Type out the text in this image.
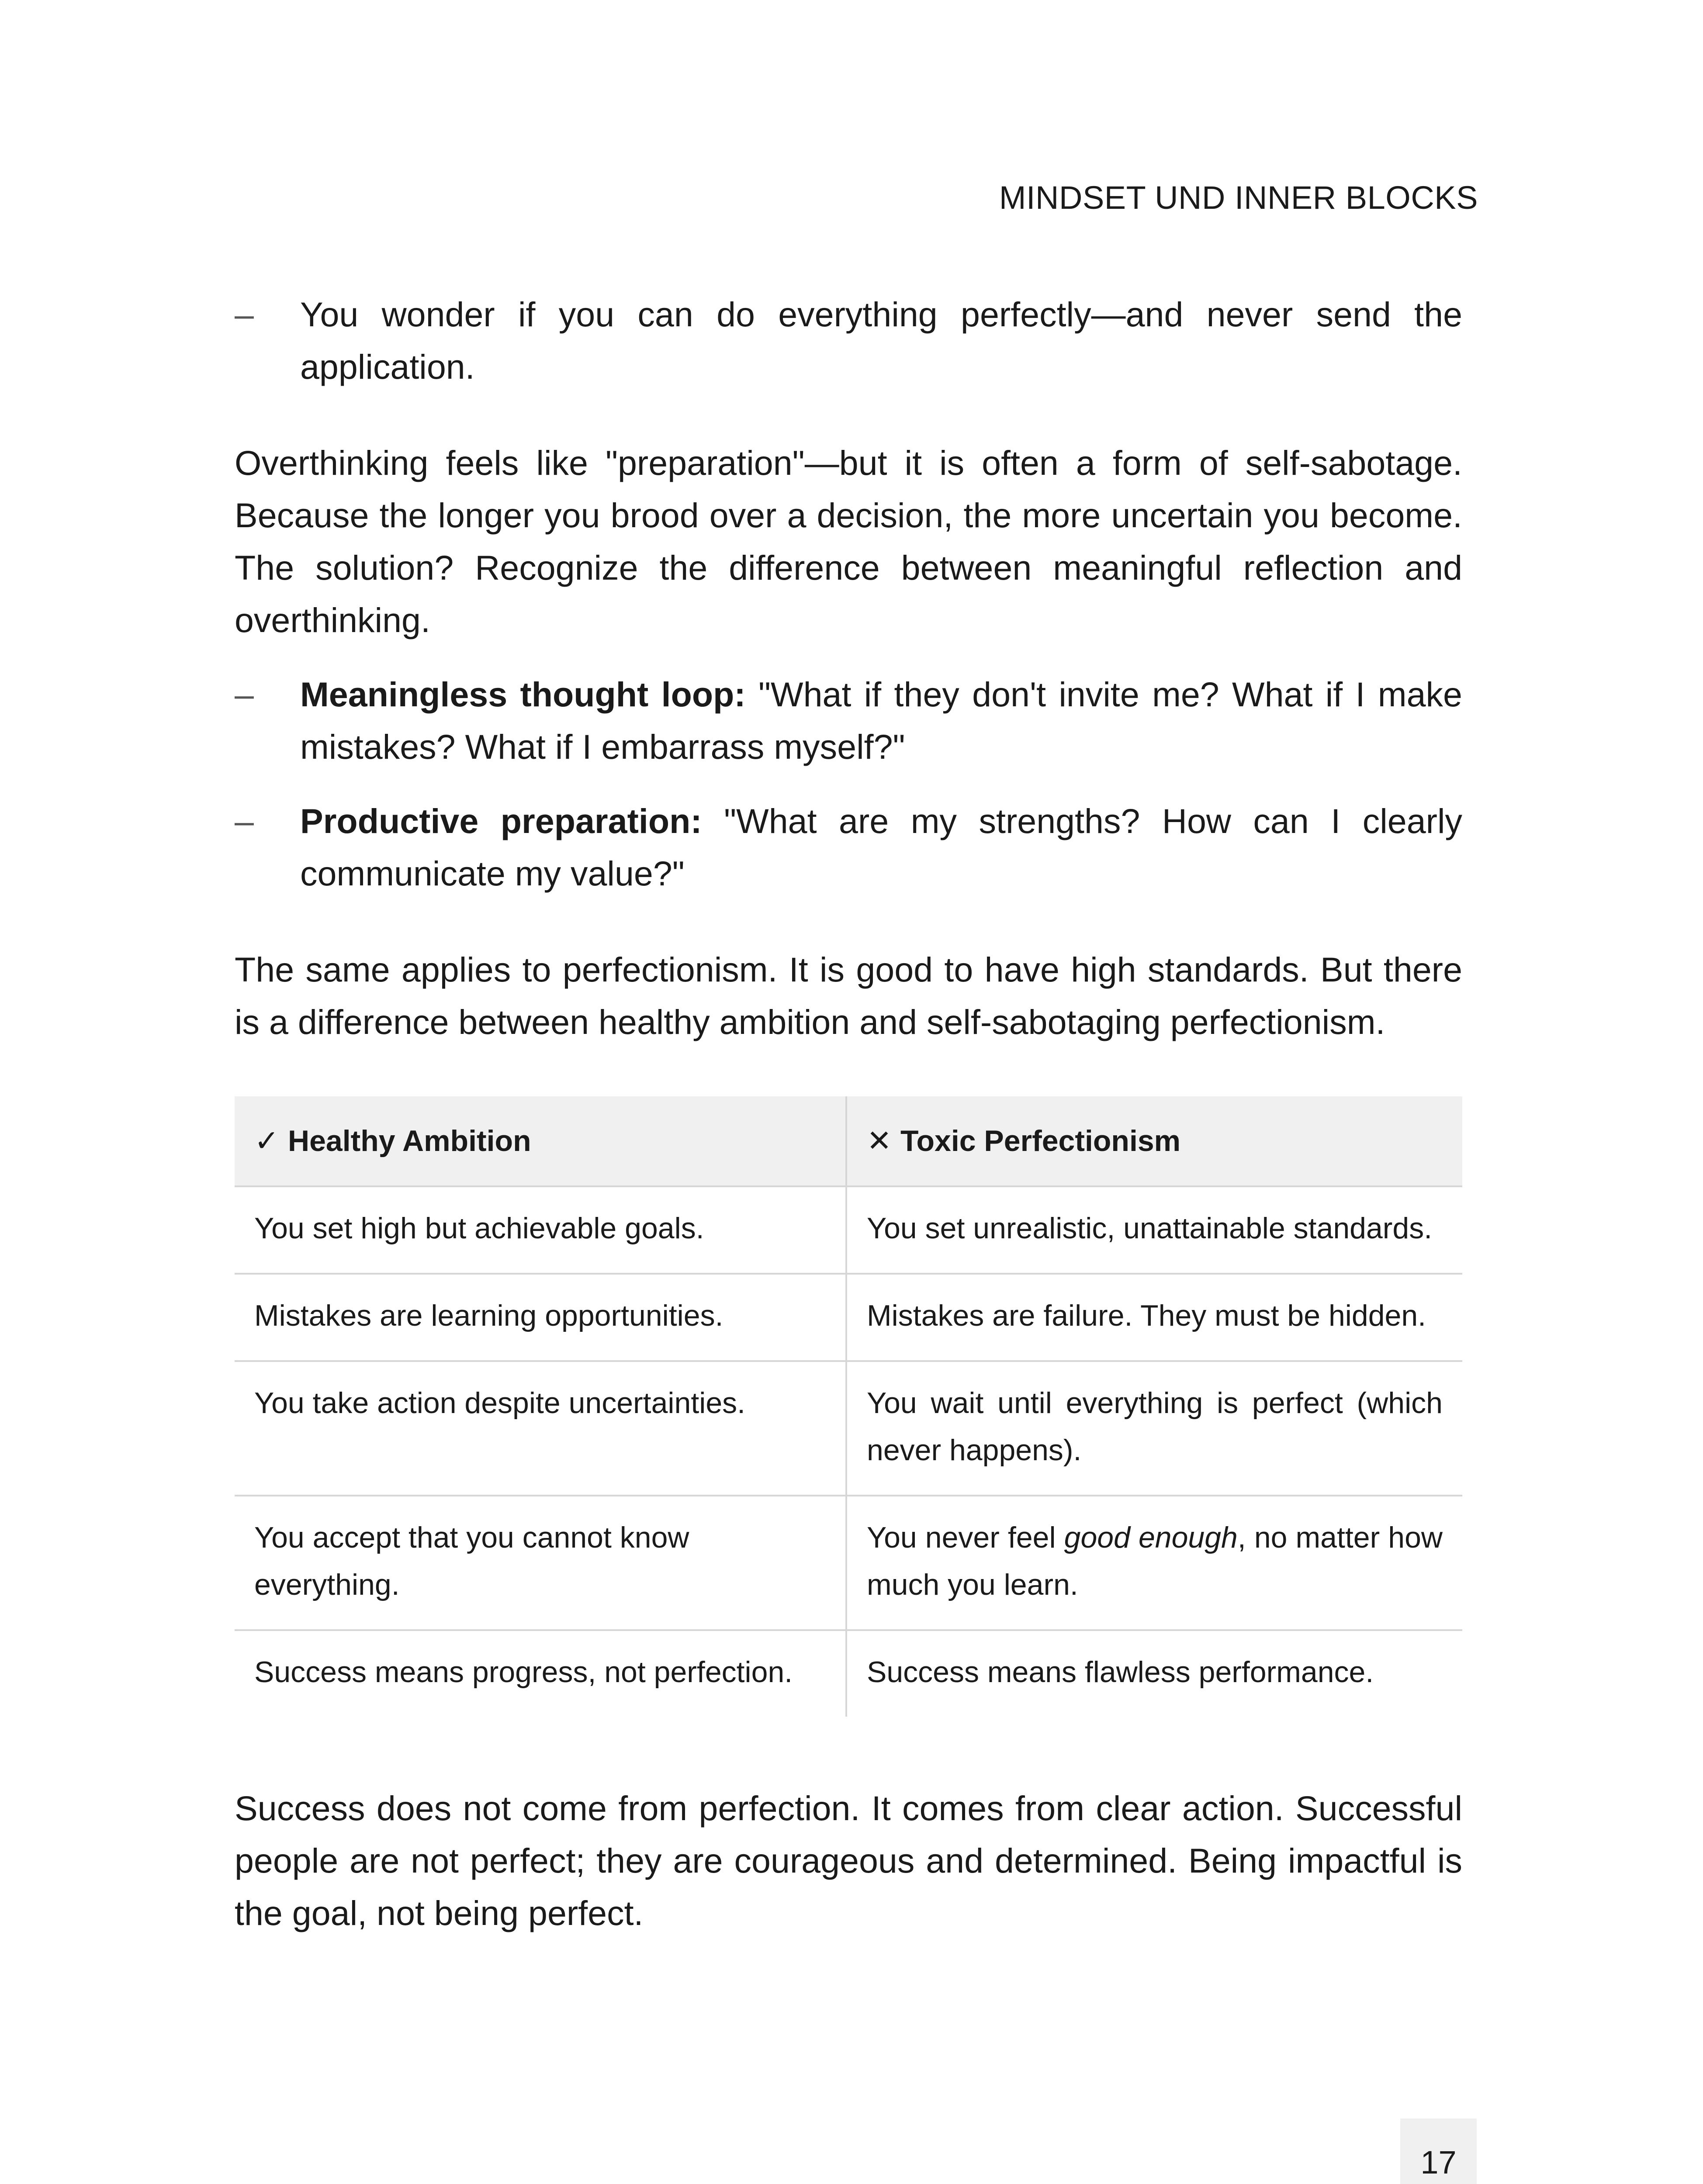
MINDSET UND INNER BLOCKS

– You wonder if you can do everything perfectly—and never send the application.

Overthinking feels like "preparation"—but it is often a form of self-sabotage. Because the longer you brood over a decision, the more uncertain you become. The solution? Recognize the difference between meaningful reflection and overthinking.

– Meaningless thought loop: "What if they don't invite me? What if I make mistakes? What if I embarrass myself?"

– Productive preparation: "What are my strengths? How can I clearly communicate my value?"

The same applies to perfectionism. It is good to have high standards. But there is a difference between healthy ambition and self-sabotaging perfectionism.

✓ Healthy Ambition	✕ Toxic Perfectionism
You set high but achievable goals.	You set unrealistic, unattainable standards.
Mistakes are learning opportunities.	Mistakes are failure. They must be hidden.
You take action despite uncertainties.	You wait until everything is perfect (which never happens).
You accept that you cannot know everything.	You never feel good enough, no matter how much you learn.
Success means progress, not perfection.	Success means flawless performance.

Success does not come from perfection. It comes from clear action. Successful people are not perfect; they are courageous and determined. Being impactful is the goal, not being perfect.

17
